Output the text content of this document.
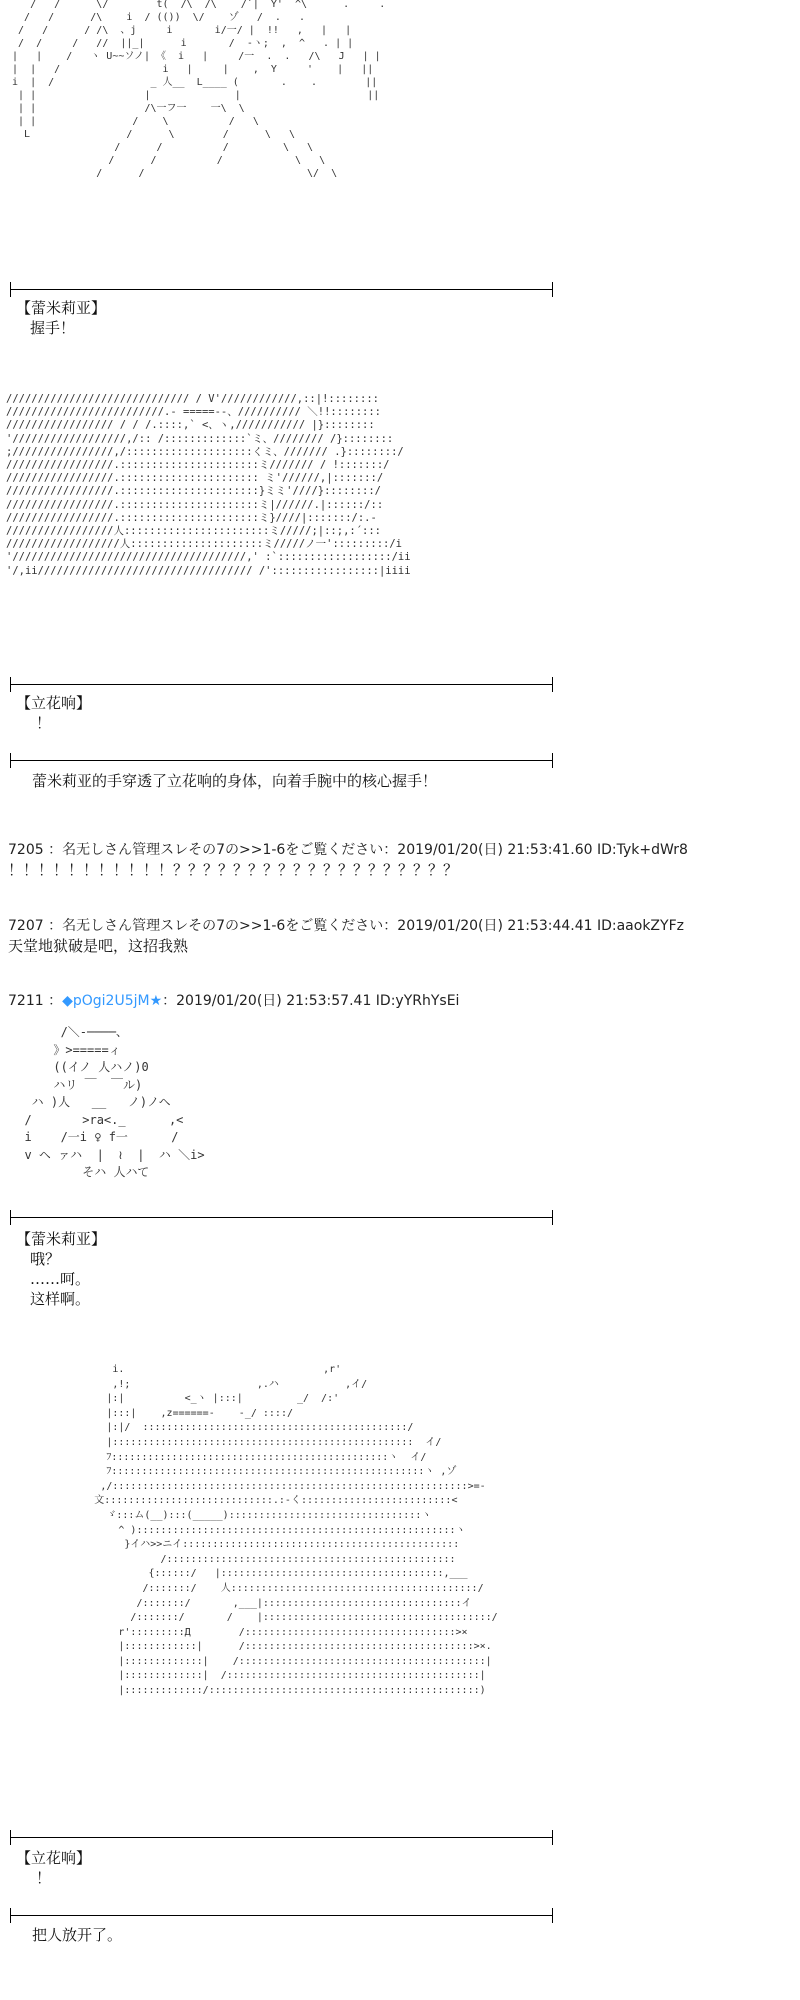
/   /      \/        t(  /\  /\    /`|  Y'  ^\      .     .
/   /      /\    i  / (())  \/    ゾ   /  .   .
/   /      / /\  、j     i       i/一/ |  !!   ,   |   |
/  /     /   //  ||_|      i       /  -ヽ;  ,  ^   . | |
|   |    /   ヽ U~~ソノ| 《  i   |     /一  .  .   /\   J   | |
|  |   /                 i   |     |    ,  Y     '    |   ||
i  |  /                _ 人__  L____ (       .    .        ||
| |                  |              |                     ||
| |                  /\一フ一    一\  \
| |                /    \          /   \
L                /      \        /      \   \
/      /          /         \   \
/      /          /            \   \
/      /                           \/  \
【蕾米莉亚】
握手！
///////////////////////////// / V'////////////,::|!::::::::
/////////////////////////.- =====--、////////// ＼!!::::::::
///////////////// / / /.::::,` <、ヽ,/////////// |}::::::::
'//////////////////,/:: /:::::::::::::`ミ、//////// /}::::::::
;////////////////,/::::::::::::::::::::くミ、/////// .}::::::::/
/////////////////.::::::::::::::::::::::ミ/////// / !:::::::/
/////////////////.:::::::::::::::::::::: ミ'//////,|:::::::/
/////////////////.::::::::::::::::::::::}ミミ'////}::::::::/
/////////////////.::::::::::::::::::::::ミ|//////.|::::::/::
/////////////////.::::::::::::::::::::::ミ}////|:::::::/:.-
/////////////////人:::::::::::::::::::::::ミ/////;|::;,:´:::
//////////////////人:::::::::::::::::::::ミ/////ノ一':::::::::/i
'/////////////////////////////////////,' :`::::::::::::::::::/ii
'/,ii////////////////////////////////// /':::::::::::::::::|iiii
【立花响】
！
蕾米莉亚的手穿透了立花响的身体，向着手腕中的核心握手！
7205 ：名无しさん管理スレその7の>>1-6をご覧ください：2019/01/20(日) 21:53:41.60 ID:Tyk+dWr8
！！！！！！！！！！！？？？？？？？？？？？？？？？？？？？
7207 ：名无しさん管理スレその7の>>1-6をご覧ください：2019/01/20(日) 21:53:44.41 ID:aaokZYFz
天堂地狱破是吧，这招我熟
7211 ：◆pOgi2U5jM★：2019/01/20(日) 21:53:57.41 ID:yYRhYsEi
/＼-────、
》>=====ィ
((イノ 人ハノ)0
ハリ ￣  ￣ル)
ハ )人   __   ノ)ノヘ
/       >ra<._      ,<
i    /一i ♀ f一      /
v ヘ ァハ  |  ≀  |  ハ ＼i>
そハ 人ハて
【蕾米莉亚】
哦？
……呵。
这样啊。
i.                                 ,r'
,!;                     ,.ハ           ,イ/
|:|          <_ヽ |:::|         _/  /:'
|:::|    ,z======-    -_/ ::::/
|:|/  ::::::::::::::::::::::::::::::::::::::::::::/
|::::::::::::::::::::::::::::::::::::::::::::::::::  イ/
ﾌ::::::::::::::::::::::::::::::::::::::::::::::ヽ  イ/
ﾌ::::::::::::::::::::::::::::::::::::::::::::::::::::ヽ ,ゾ
,/:::::::::::::::::::::::::::::::::::::::::::::::::::::::::::>=-
文::::::::::::::::::::::::::::.:-く:::::::::::::::::::::::::<
ゞ:::ム(__):::(_____)::::::::::::::::::::::::::::::::ヽ
^ ):::::::::::::::::::::::::::::::::::::::::::::::::::::ヽ
}イハ>>ニイ::::::::::::::::::::::::::::::::::::::::::::::
/::::::::::::::::::::::::::::::::::::::::::::::::
{::::::/   |:::::::::::::::::::::::::::::::::::::,___
/:::::::/    人:::::::::::::::::::::::::::::::::::::::::/
/:::::::/       ,___|:::::::::::::::::::::::::::::::::イ
/:::::::/       /    |::::::::::::::::::::::::::::::::::::::/
r':::::::::Д        /:::::::::::::::::::::::::::::::::::>×
|::::::::::::|      /::::::::::::::::::::::::::::::::::::::>×.
|:::::::::::::|    /:::::::::::::::::::::::::::::::::::::::::|
|:::::::::::::|  /::::::::::::::::::::::::::::::::::::::::::|
|:::::::::::::/:::::::::::::::::::::::::::::::::::::::::::::)
【立花响】
！
把人放开了。
